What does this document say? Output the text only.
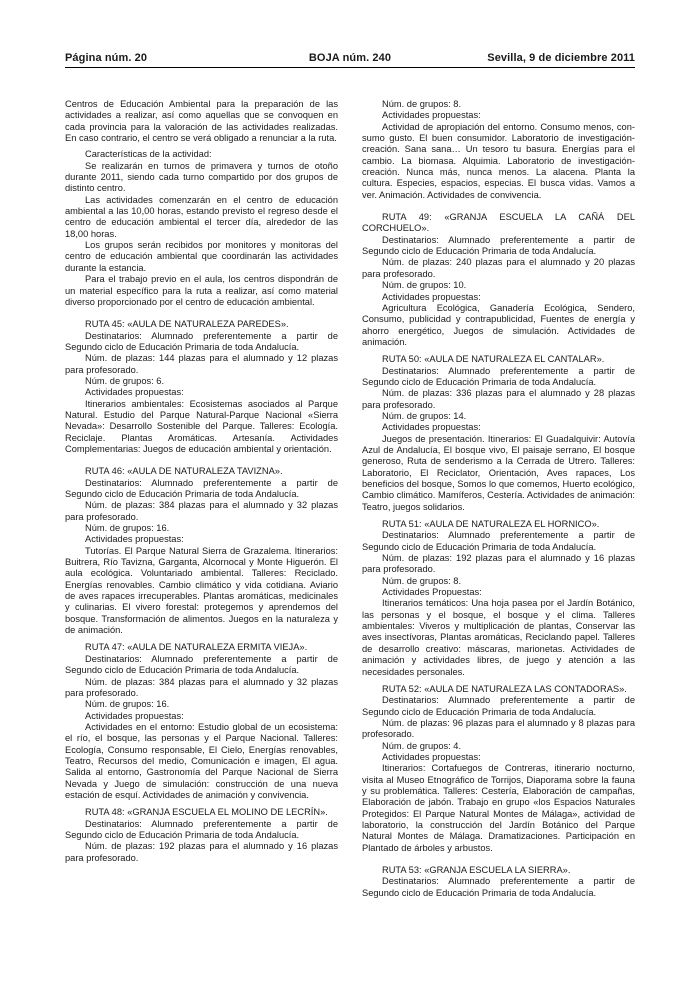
Página núm. 20	BOJA núm. 240	Sevilla, 9 de diciembre 2011

Centros de Educación Ambiental para la preparación de las actividades a realizar, así como aquellas que se convoquen en cada provincia para la valoración de las actividades realizadas. En caso contrario, el centro se verá obligado a renunciar a la ruta.

Características de la actividad:

Se realizarán en turnos de primavera y turnos de otoño durante 2011, siendo cada turno compartido por dos grupos de distinto centro.

Las actividades comenzarán en el centro de educación ambiental a las 10,00 horas, estando previsto el regreso desde el centro de educación ambiental el tercer día, alrededor de las 18,00 horas.

Los grupos serán recibidos por monitores y monitoras del centro de educación ambiental que coordinarán las actividades durante la estancia.

Para el trabajo previo en el aula, los centros dispondrán de un material específico para la ruta a realizar, así como material diverso proporcionado por el centro de educación ambiental.

RUTA 45: «AULA DE NATURALEZA PAREDES».

Destinatarios: Alumnado preferentemente a partir de Segundo ciclo de Educación Primaria de toda Andalucía.

Núm. de plazas: 144 plazas para el alumnado y 12 plazas para profesorado.

Núm. de grupos: 6.

Actividades propuestas:

Itinerarios ambientales: Ecosistemas asociados al Parque Natural. Estudio del Parque Natural-Parque Nacional «Sierra Nevada»: Desarrollo Sostenible del Parque. Talleres: Ecología. Reciclaje. Plantas Aromáticas. Artesanía. Actividades Complementarias: Juegos de educación ambiental y orientación.

RUTA 46: «AULA DE NATURALEZA TAVIZNA».

Destinatarios: Alumnado preferentemente a partir de Segundo ciclo de Educación Primaria de toda Andalucía.

Núm. de plazas: 384 plazas para el alumnado y 32 plazas para profesorado.

Núm. de grupos: 16.

Actividades propuestas:

Tutorías. El Parque Natural Sierra de Grazalema. Itinerarios: Buitrera, Río Tavizna, Garganta, Alcornocal y Monte Higuerón. El aula ecológica. Voluntariado ambiental. Talleres: Reciclado. Energías renovables. Cambio climático y vida cotidiana. Aviario de aves rapaces irrecuperables. Plantas aromáticas, medicinales y culinarias. El vivero forestal: protegemos y aprendemos del bosque. Transformación de alimentos. Juegos en la naturaleza y de animación.

RUTA 47: «AULA DE NATURALEZA ERMITA VIEJA».

Destinatarios: Alumnado preferentemente a partir de Segundo ciclo de Educación Primaria de toda Andalucía.

Núm. de plazas: 384 plazas para el alumnado y 32 plazas para profesorado.

Núm. de grupos: 16.

Actividades propuestas:

Actividades en el entorno: Estudio global de un ecosistema: el río, el bosque, las personas y el Parque Nacional. Talleres: Ecología, Consumo responsable, El Cielo, Energías renovables, Teatro, Recursos del medio, Comunicación e imagen, El agua. Salida al entorno, Gastronomía del Parque Nacional de Sierra Nevada y Juego de simulación: construcción de una nueva estación de esquí. Actividades de animación y convivencia.

RUTA 48: «GRANJA ESCUELA EL MOLINO DE LECRÍN».

Destinatarios: Alumnado preferentemente a partir de Segundo ciclo de Educación Primaria de toda Andalucía.

Núm. de plazas: 192 plazas para el alumnado y 16 plazas para profesorado.

Núm. de grupos: 8.

Actividades propuestas:

Actividad de apropiación del entorno. Consumo menos, con-sumo gusto. El buen consumidor. Laboratorio de investigación-creación. Sana sana… Un tesoro tu basura. Energías para el cambio. La biomasa. Alquimia. Laboratorio de investigación-creación. Nunca más, nunca menos. La alacena. Planta la cultura. Especies, espacios, especias. El busca vidas. Vamos a ver. Animación. Actividades de convivencia.

RUTA 49: «GRANJA ESCUELA LA CAÑÁ DEL CORCHUELO».

Destinatarios: Alumnado preferentemente a partir de Segundo ciclo de Educación Primaria de toda Andalucía.

Núm. de plazas: 240 plazas para el alumnado y 20 plazas para profesorado.

Núm. de grupos: 10.

Actividades propuestas:

Agricultura Ecológica, Ganadería Ecológica, Sendero, Consumo, publicidad y contrapublicidad, Fuentes de energía y ahorro energético, Juegos de simulación. Actividades de animación.

RUTA 50: «AULA DE NATURALEZA EL CANTALAR».

Destinatarios: Alumnado preferentemente a partir de Segundo ciclo de Educación Primaria de toda Andalucía.

Núm. de plazas: 336 plazas para el alumnado y 28 plazas para profesorado.

Núm. de grupos: 14.

Actividades propuestas:

Juegos de presentación. Itinerarios: El Guadalquivir: Autovía Azul de Andalucía, El bosque vivo, El paisaje serrano, El bosque generoso, Ruta de senderismo a la Cerrada de Utrero. Talleres: Laboratorio, El Reciclator, Orientación, Aves rapaces, Los beneficios del bosque, Somos lo que comemos, Huerto ecológico, Cambio climático. Mamíferos, Cestería. Actividades de animación: Teatro, juegos solidarios.

RUTA 51: «AULA DE NATURALEZA EL HORNICO».

Destinatarios: Alumnado preferentemente a partir de Segundo ciclo de Educación Primaria de toda Andalucía.

Núm. de plazas: 192 plazas para el alumnado y 16 plazas para profesorado.

Núm. de grupos: 8.

Actividades Propuestas:

Itinerarios temáticos: Una hoja pasea por el Jardín Botánico, las personas y el bosque, el bosque y el clima. Talleres ambientales: Viveros y multiplicación de plantas, Conservar las aves insectívoras, Plantas aromáticas, Reciclando papel. Talleres de desarrollo creativo: máscaras, marionetas. Actividades de animación y actividades libres, de juego y atención a las necesidades personales.

RUTA 52: «AULA DE NATURALEZA LAS CONTADORAS».

Destinatarios: Alumnado preferentemente a partir de Segundo ciclo de Educación Primaria de toda Andalucía.

Núm. de plazas: 96 plazas para el alumnado y 8 plazas para profesorado.

Núm. de grupos: 4.

Actividades propuestas:

Itinerarios: Cortafuegos de Contreras, itinerario nocturno, visita al Museo Etnográfico de Torrijos, Diaporama sobre la fauna y su problemática. Talleres: Cestería, Elaboración de campañas, Elaboración de jabón. Trabajo en grupo «los Espacios Naturales Protegidos: El Parque Natural Montes de Málaga», actividad de laboratorio, la construcción del Jardín Botánico del Parque Natural Montes de Málaga. Dramatizaciones. Participación en Plantado de árboles y arbustos.

RUTA 53: «GRANJA ESCUELA LA SIERRA».

Destinatarios: Alumnado preferentemente a partir de Segundo ciclo de Educación Primaria de toda Andalucía.
